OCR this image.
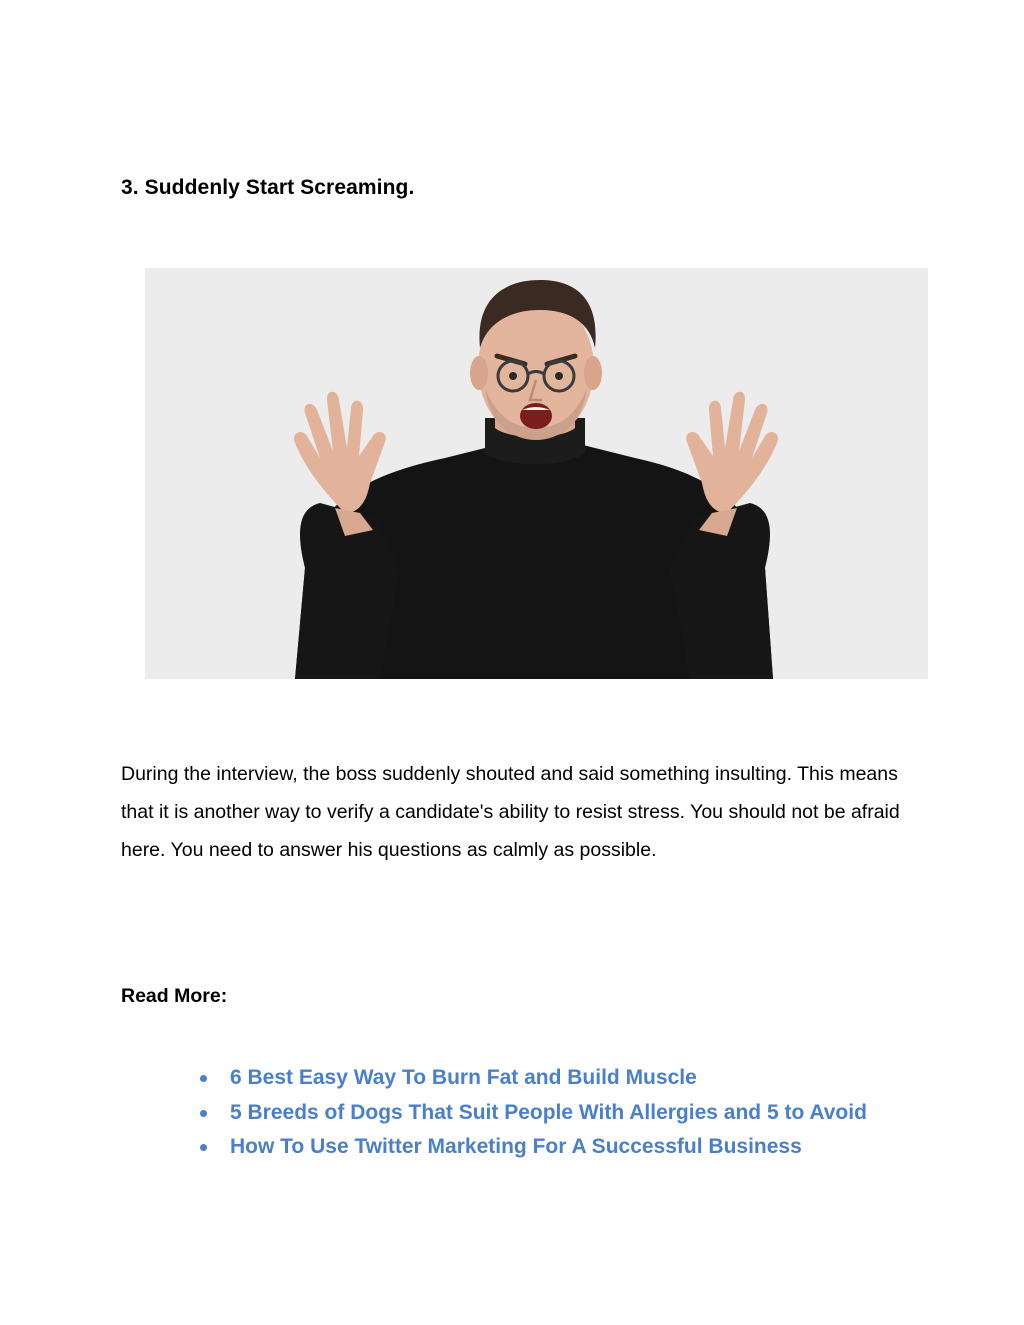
3. Suddenly Start Screaming.

During the interview, the boss suddenly shouted and said something insulting. This means that it is another way to verify a candidate's ability to resist stress. You should not be afraid here. You need to answer his questions as calmly as possible.

Read More:

6 Best Easy Way To Burn Fat and Build Muscle
5 Breeds of Dogs That Suit People With Allergies and 5 to Avoid
How To Use Twitter Marketing For A Successful Business
